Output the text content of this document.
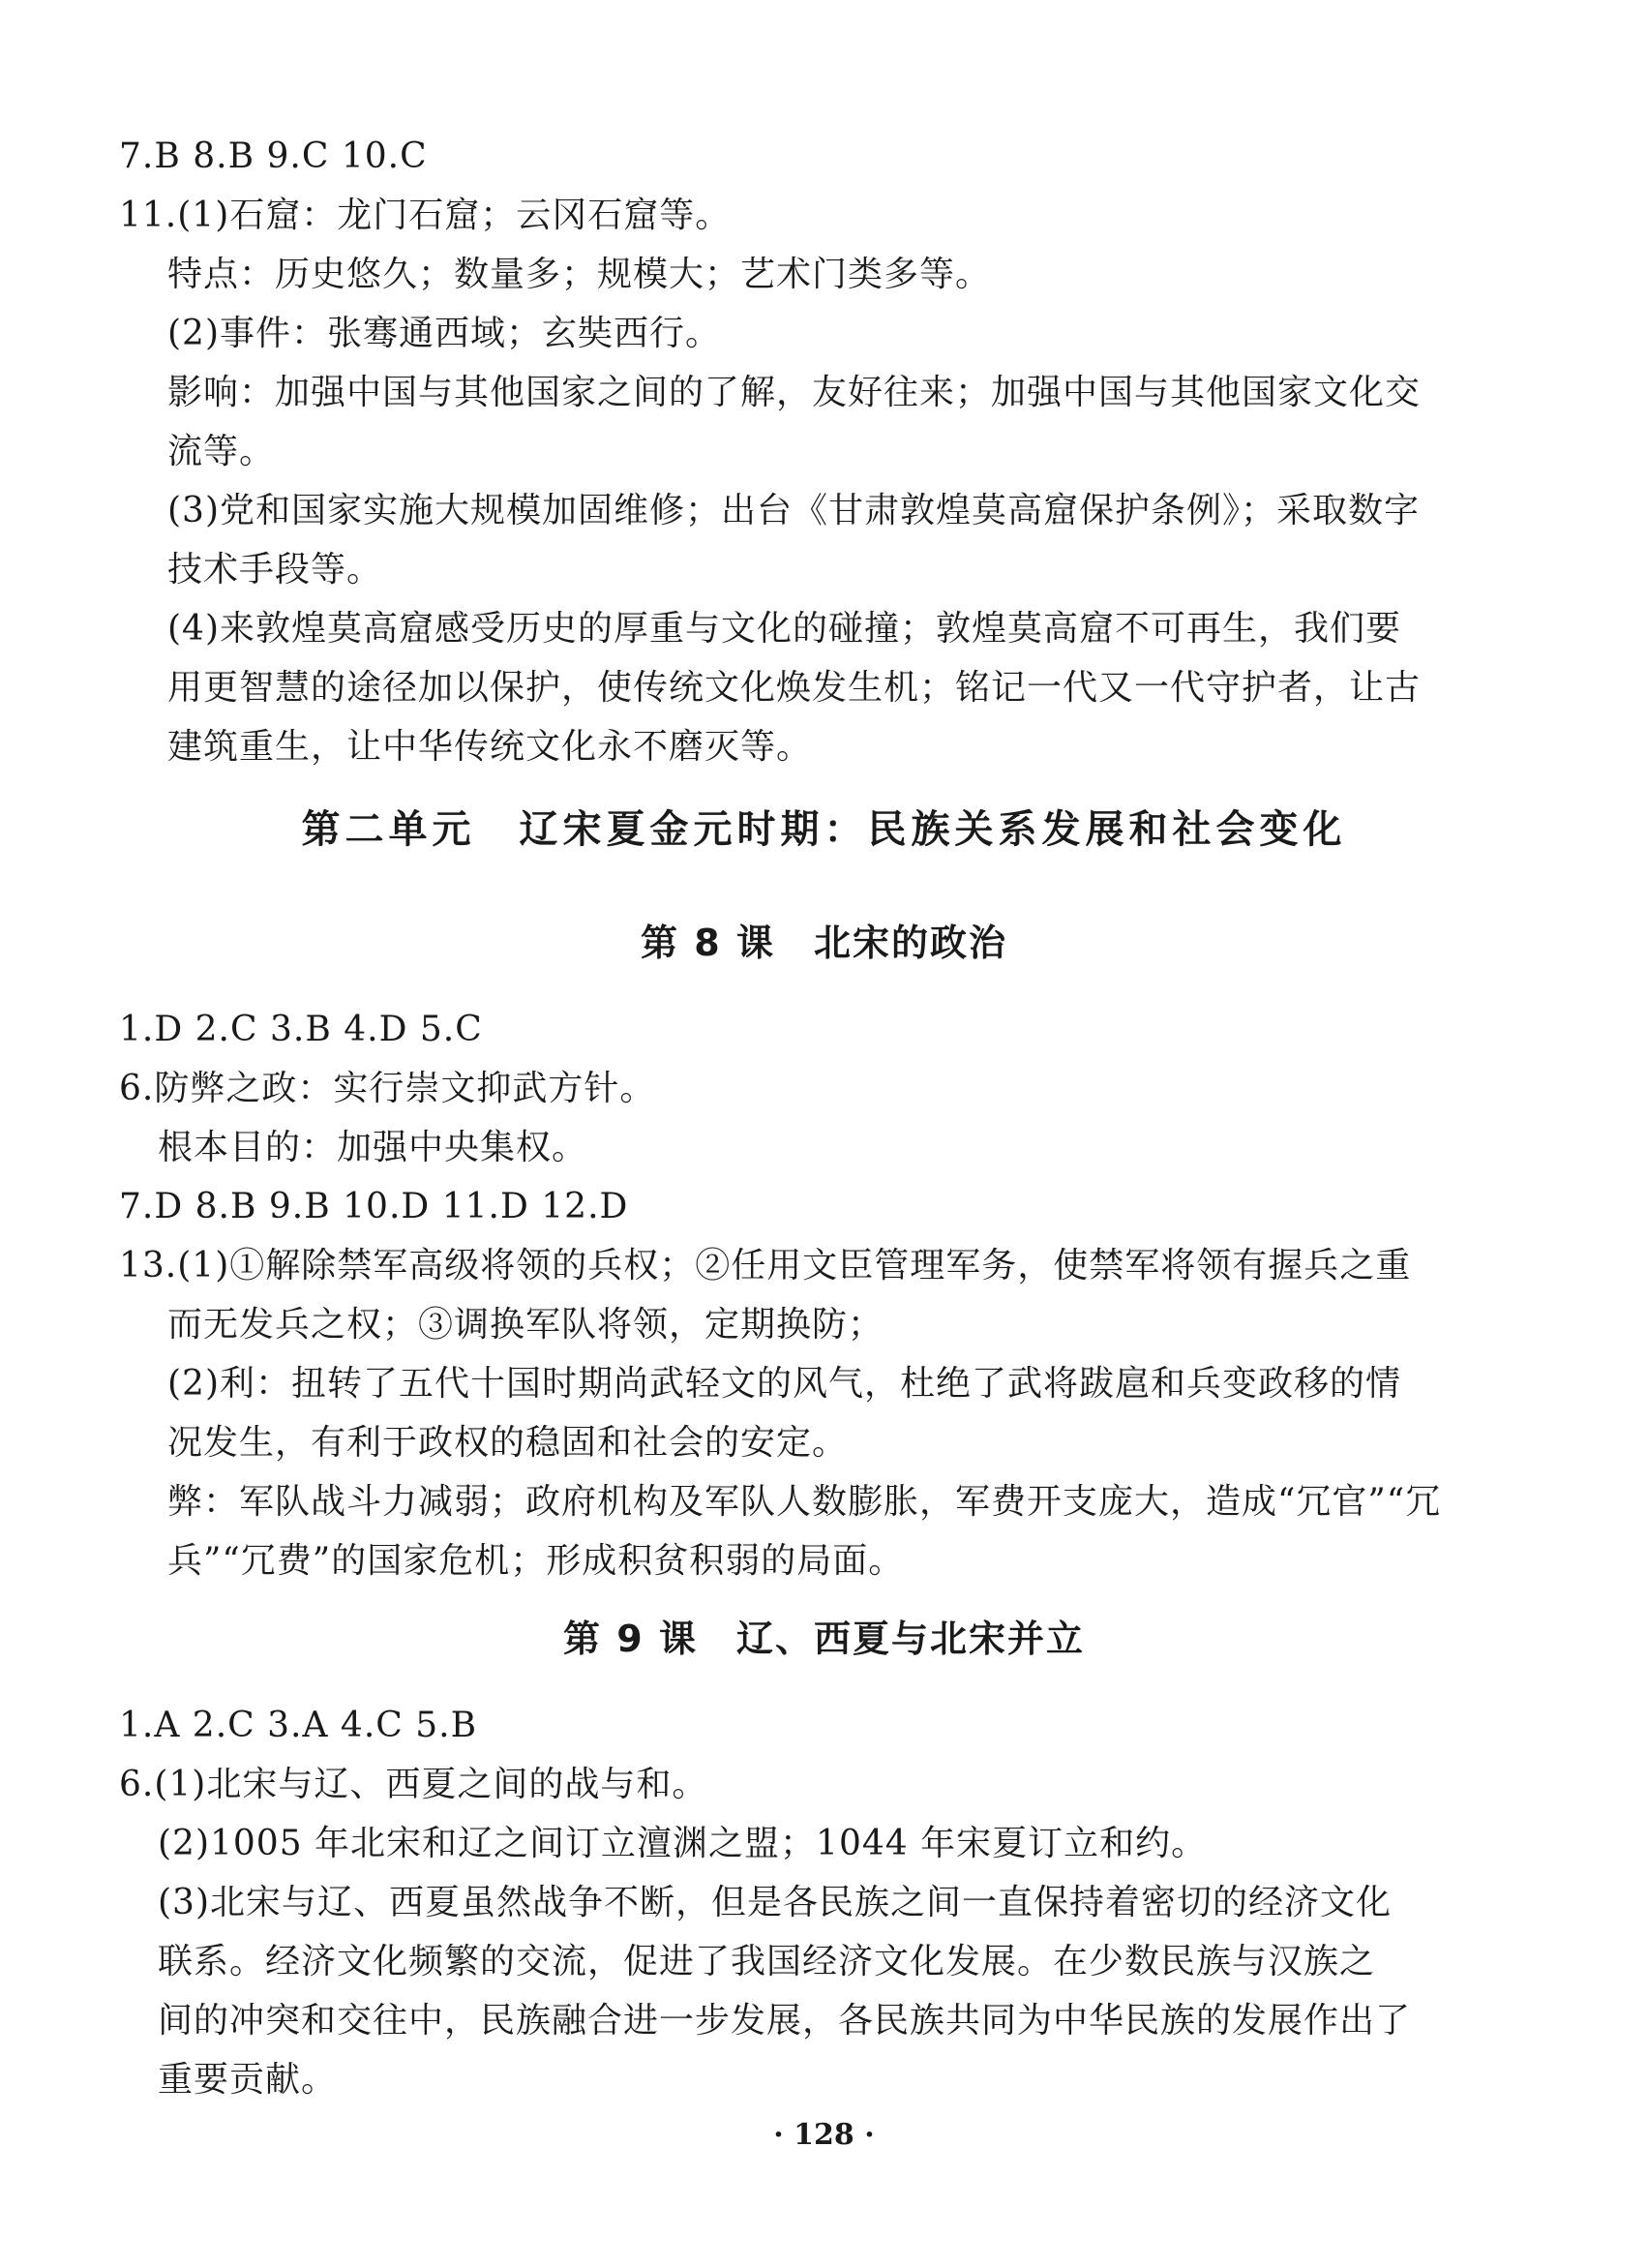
7.B 8.B 9.C 10.C
11.(1)石窟：龙门石窟；云冈石窟等。
特点：历史悠久；数量多；规模大；艺术门类多等。
(2)事件：张骞通西域；玄奘西行。
影响：加强中国与其他国家之间的了解，友好往来；加强中国与其他国家文化交
流等。
(3)党和国家实施大规模加固维修；出台《甘肃敦煌莫高窟保护条例》；采取数字
技术手段等。
(4)来敦煌莫高窟感受历史的厚重与文化的碰撞；敦煌莫高窟不可再生，我们要
用更智慧的途径加以保护，使传统文化焕发生机；铭记一代又一代守护者，让古
建筑重生，让中华传统文化永不磨灭等。
第二单元　辽宋夏金元时期：民族关系发展和社会变化
第 8 课　北宋的政治
1.D 2.C 3.B 4.D 5.C
6.防弊之政：实行崇文抑武方针。
根本目的：加强中央集权。
7.D 8.B 9.B 10.D 11.D 12.D
13.(1)①解除禁军高级将领的兵权；②任用文臣管理军务，使禁军将领有握兵之重
而无发兵之权；③调换军队将领，定期换防；
(2)利：扭转了五代十国时期尚武轻文的风气，杜绝了武将跋扈和兵变政移的情
况发生，有利于政权的稳固和社会的安定。
弊：军队战斗力减弱；政府机构及军队人数膨胀，军费开支庞大，造成“冗官”“冗
兵”“冗费”的国家危机；形成积贫积弱的局面。
第 9 课　辽、西夏与北宋并立
1.A 2.C 3.A 4.C 5.B
6.(1)北宋与辽、西夏之间的战与和。
(2)1005 年北宋和辽之间订立澶渊之盟；1044 年宋夏订立和约。
(3)北宋与辽、西夏虽然战争不断，但是各民族之间一直保持着密切的经济文化
联系。经济文化频繁的交流，促进了我国经济文化发展。在少数民族与汉族之
间的冲突和交往中，民族融合进一步发展，各民族共同为中华民族的发展作出了
重要贡献。
· 128 ·
